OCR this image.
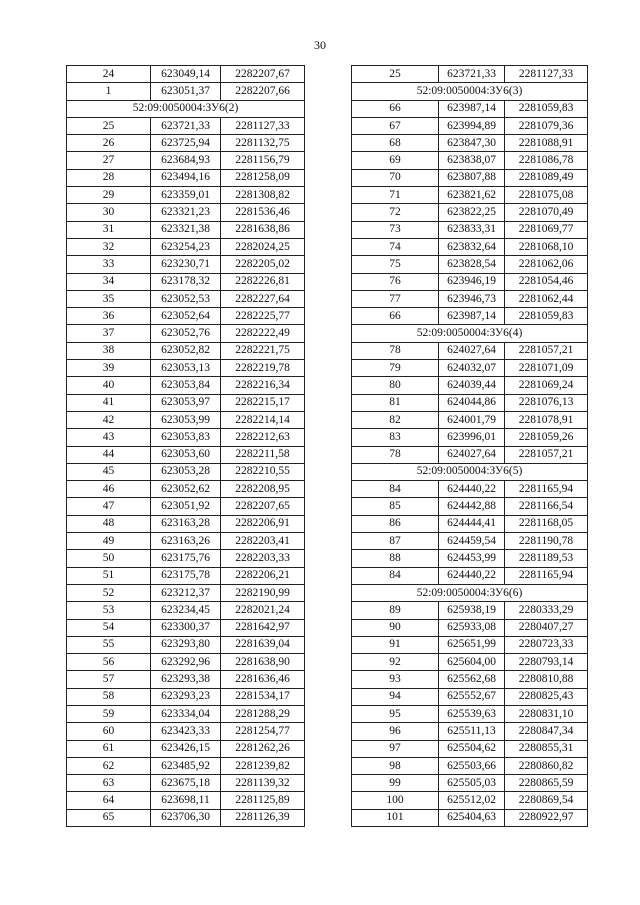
30
24	623049,14	2282207,67
1	623051,37	2282207,66
52:09:0050004:ЗУ6(2)		
25	623721,33	2281127,33
26	623725,94	2281132,75
27	623684,93	2281156,79
28	623494,16	2281258,09
29	623359,01	2281308,82
30	623321,23	2281536,46
31	623321,38	2281638,86
32	623254,23	2282024,25
33	623230,71	2282205,02
34	623178,32	2282226,81
35	623052,53	2282227,64
36	623052,64	2282225,77
37	623052,76	2282222,49
38	623052,82	2282221,75
39	623053,13	2282219,78
40	623053,84	2282216,34
41	623053,97	2282215,17
42	623053,99	2282214,14
43	623053,83	2282212,63
44	623053,60	2282211,58
45	623053,28	2282210,55
46	623052,62	2282208,95
47	623051,92	2282207,65
48	623163,28	2282206,91
49	623163,26	2282203,41
50	623175,76	2282203,33
51	623175,78	2282206,21
52	623212,37	2282190,99
53	623234,45	2282021,24
54	623300,37	2281642,97
55	623293,80	2281639,04
56	623292,96	2281638,90
57	623293,38	2281636,46
58	623293,23	2281534,17
59	623334,04	2281288,29
60	623423,33	2281254,77
61	623426,15	2281262,26
62	623485,92	2281239,82
63	623675,18	2281139,32
64	623698,11	2281125,89
65	623706,30	2281126,39
25	623721,33	2281127,33
52:09:0050004:ЗУ6(3)		
66	623987,14	2281059,83
67	623994,89	2281079,36
68	623847,30	2281088,91
69	623838,07	2281086,78
70	623807,88	2281089,49
71	623821,62	2281075,08
72	623822,25	2281070,49
73	623833,31	2281069,77
74	623832,64	2281068,10
75	623828,54	2281062,06
76	623946,19	2281054,46
77	623946,73	2281062,44
66	623987,14	2281059,83
52:09:0050004:ЗУ6(4)		
78	624027,64	2281057,21
79	624032,07	2281071,09
80	624039,44	2281069,24
81	624044,86	2281076,13
82	624001,79	2281078,91
83	623996,01	2281059,26
78	624027,64	2281057,21
52:09:0050004:ЗУ6(5)		
84	624440,22	2281165,94
85	624442,88	2281166,54
86	624444,41	2281168,05
87	624459,54	2281190,78
88	624453,99	2281189,53
84	624440,22	2281165,94
52:09:0050004:ЗУ6(6)		
89	625938,19	2280333,29
90	625933,08	2280407,27
91	625651,99	2280723,33
92	625604,00	2280793,14
93	625562,68	2280810,88
94	625552,67	2280825,43
95	625539,63	2280831,10
96	625511,13	2280847,34
97	625504,62	2280855,31
98	625503,66	2280860,82
99	625505,03	2280865,59
100	625512,02	2280869,54
101	625404,63	2280922,97
